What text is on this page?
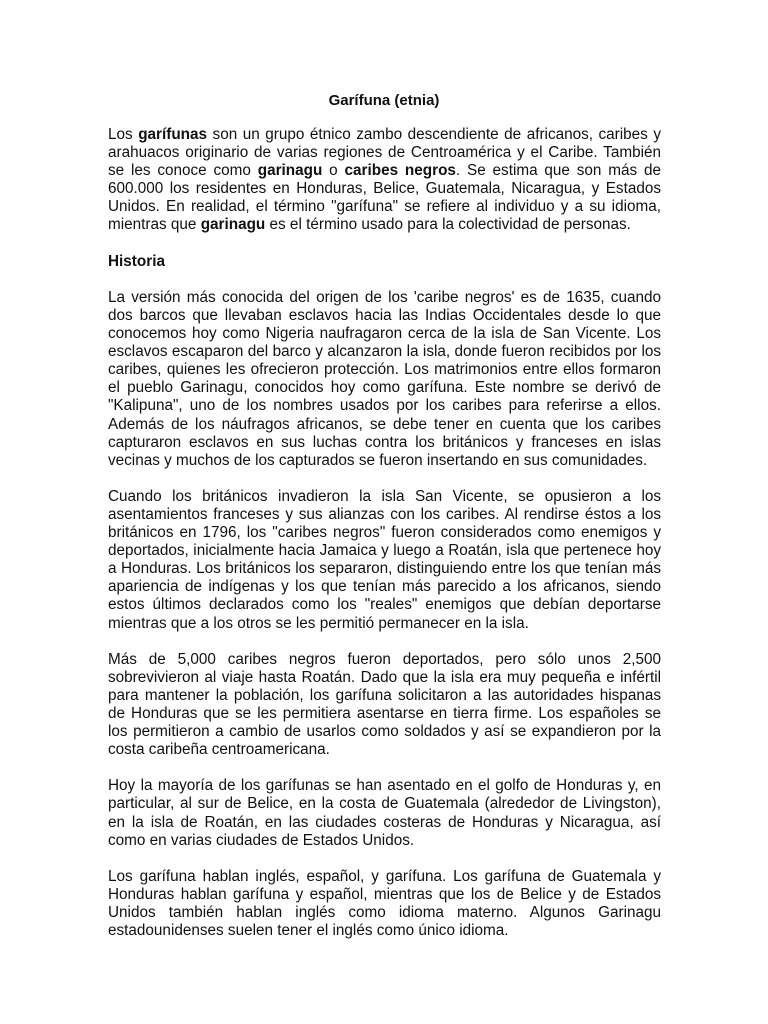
Garífuna (etnia)

Los garífunas son un grupo étnico zambo descendiente de africanos, caribes y arahuacos originario de varias regiones de Centroamérica y el Caribe. También se les conoce como garinagu o caribes negros. Se estima que son más de 600.000 los residentes en Honduras, Belice, Guatemala, Nicaragua, y Estados Unidos. En realidad, el término "garífuna" se refiere al individuo y a su idioma, mientras que garinagu es el término usado para la colectividad de personas.

Historia

La versión más conocida del origen de los 'caribe negros' es de 1635, cuando dos barcos que llevaban esclavos hacia las Indias Occidentales desde lo que conocemos hoy como Nigeria naufragaron cerca de la isla de San Vicente. Los esclavos escaparon del barco y alcanzaron la isla, donde fueron recibidos por los caribes, quienes les ofrecieron protección. Los matrimonios entre ellos formaron el pueblo Garinagu, conocidos hoy como garífuna. Este nombre se derivó de "Kalipuna", uno de los nombres usados por los caribes para referirse a ellos. Además de los náufragos africanos, se debe tener en cuenta que los caribes capturaron esclavos en sus luchas contra los británicos y franceses en islas vecinas y muchos de los capturados se fueron insertando en sus comunidades.

Cuando los británicos invadieron la isla San Vicente, se opusieron a los asentamientos franceses y sus alianzas con los caribes. Al rendirse éstos a los británicos en 1796, los "caribes negros" fueron considerados como enemigos y deportados, inicialmente hacia Jamaica y luego a Roatán, isla que pertenece hoy a Honduras. Los británicos los separaron, distinguiendo entre los que tenían más apariencia de indígenas y los que tenían más parecido a los africanos, siendo estos últimos declarados como los "reales" enemigos que debían deportarse mientras que a los otros se les permitió permanecer en la isla.

Más de 5,000 caribes negros fueron deportados, pero sólo unos 2,500 sobrevivieron al viaje hasta Roatán. Dado que la isla era muy pequeña e infértil para mantener la población, los garífuna solicitaron a las autoridades hispanas de Honduras que se les permitiera asentarse en tierra firme. Los españoles se los permitieron a cambio de usarlos como soldados y así se expandieron por la costa caribeña centroamericana.

Hoy la mayoría de los garífunas se han asentado en el golfo de Honduras y, en particular, al sur de Belice, en la costa de Guatemala (alrededor de Livingston), en la isla de Roatán, en las ciudades costeras de Honduras y Nicaragua, así como en varias ciudades de Estados Unidos.

Los garífuna hablan inglés, español, y garífuna. Los garífuna de Guatemala y Honduras hablan garífuna y español, mientras que los de Belice y de Estados Unidos también hablan inglés como idioma materno. Algunos Garinagu estadounidenses suelen tener el inglés como único idioma.
